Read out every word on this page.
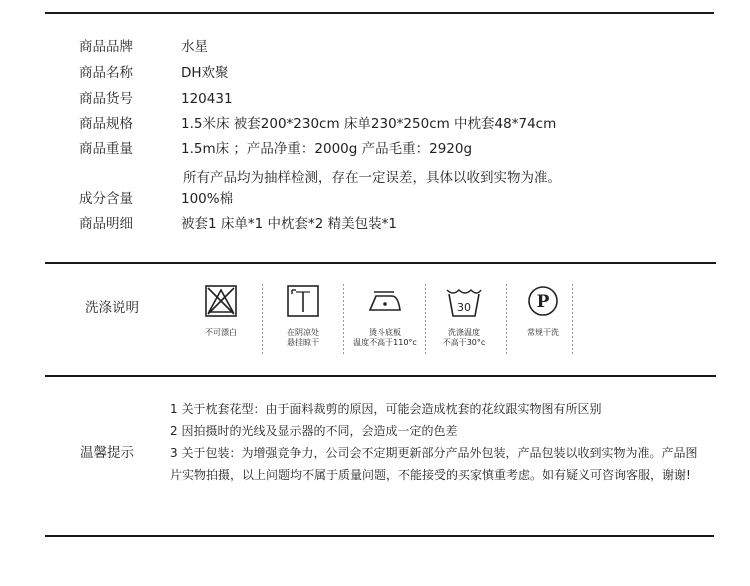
商品品牌	水星
商品名称	DH欢聚
商品货号	120431
商品规格	1.5米床 被套200*230cm 床单230*250cm 中枕套48*74cm
商品重量	1.5m床 ；产品净重：2000g 产品毛重：2920g
所有产品均为抽样检测，存在一定误差，具体以收到实物为准。
成分含量	100%棉
商品明细	被套1 床单*1 中枕套*2 精美包装*1
洗涤说明
不可漂白	在阴凉处
悬挂晾干
烫斗底板
温度不高于110°c
30
洗涤温度
不高于30°c
P
常规干洗
温馨提示
1 关于枕套花型：由于面料裁剪的原因，可能会造成枕套的花纹跟实物图有所区别
2 因拍摄时的光线及显示器的不同，会造成一定的色差
3 关于包装：为增强竞争力，公司会不定期更新部分产品外包装，产品包装以收到实物为准。产品图片实物拍摄，以上问题均不属于质量问题，不能接受的买家慎重考虑。如有疑义可咨询客服，谢谢!
